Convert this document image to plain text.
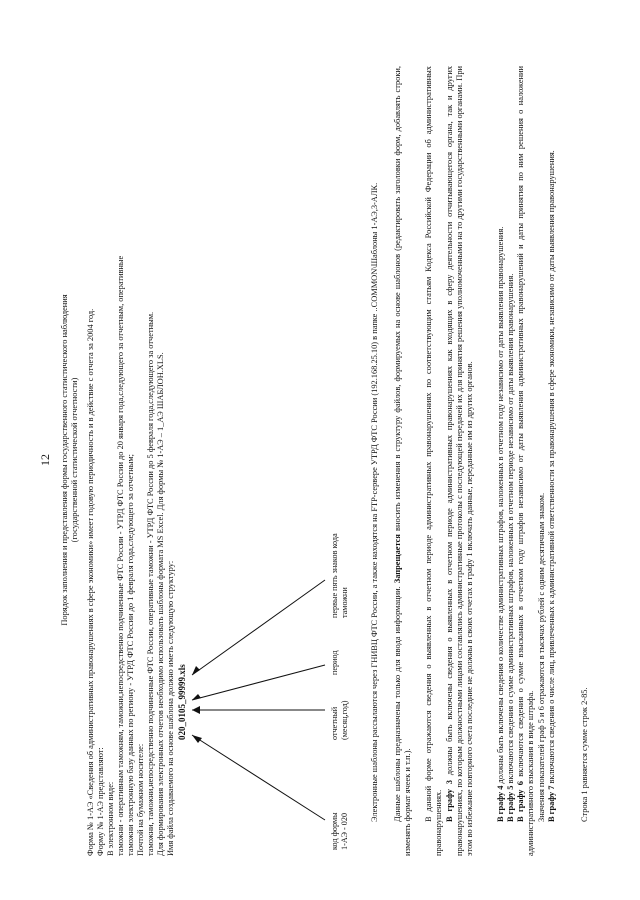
12 Порядок заполнения и представления формы государственного статистического наблюдения (государственной статистической отчетности) Форма № 1-АЭ «Сведения об административных правонарушениях в сфере экономики» имеет годовую периодичность и в действие с отчета за 2004 год. Форму № 1-АЭ представляют: В электронном виде: таможни - оперативным таможням, таможни,непосредственно подчиненные ФТС России - УТРД ФТС России до 20 января года,следующего за отчетным, оперативные таможни электронную базу данных по региону - УТРД ФТС России до 1 февраля года,следующего за отчетным; Почтой на бумажном носителе: таможни, таможни,непосредственно подчиненные ФТС России, оперативные таможни - УТРД ФТС России до 5 февраля года,следующего за отчетным. Для формирования электронных отчетов необходимо использовать шаблоны формата MS Excel. Для формы № 1-АЭ – 1_АЭ ШАБЛОН.XLS. Имя файла создаваемого на основе шаблона должно иметь следующую структуру: 020_0105_99999.xls
код формы
1-АЭ - 020
отчетный
(месяц,год)
период
первые пять знаков кода
таможни	Электронные шаблоны рассылаются через ГНИВЦ ФТС России, а также находятся на FTP-сервере УТРД ФТС России (192.168.25.10) в папке ..COMMON\Шаблоны 1-АЭ,3-АЛК. Данные шаблоны предназначены только для ввода информации. Запрещается вносить изменения в структуру файлов, формируемых на основе шаблонов (редактировать заголовки форм, добавлять строки, изменять формат ячеек и т.п.). В данной форме отражаются сведения о выявленных в отчетном периоде административных правонарушениях по соответствующим статьям Кодекса Российской Федерации об административных правонарушениях. В графу 3 должны быть включены сведения о выявленных в отчетном периоде административных правонарушениях как входящих в сферу деятельности отчитывающегося органа, так и других правонарушениях, по которым должностными лицами составлялись административные протоколы с последующей передачей их для принятия решения уполномоченными на то другими государственными органами. При этом во избежание повторного счета последние не должны в своих отчетах в графу 1 включать данные, переданные им из других органов.	В графу 4 должны быть включены сведения о количестве административных штрафов, наложенных в отчетном году независимо от даты выявления правонарушения.
В графу 5 включаются сведения о сумме административных штрафов, наложенных в отчетном периоде независимо от даты выявления правонарушения.
В графу 6 включаются сведения о сумме взысканных в отчетном году штрафов независимо от даты выявления административных правонарушений и даты принятия по ним решения о наложении административного взыскания в виде штрафа. Значения показателей граф 5 и 6 отражаются в тысячах рублей с одним десятичным знаком. В графу 7 включаются сведения о числе лиц, привлеченных к административной ответственности за правонарушения в сфере экономики, независимо от даты выявления правонарушения.	Строка 1 равняется сумме строк 2-85.
